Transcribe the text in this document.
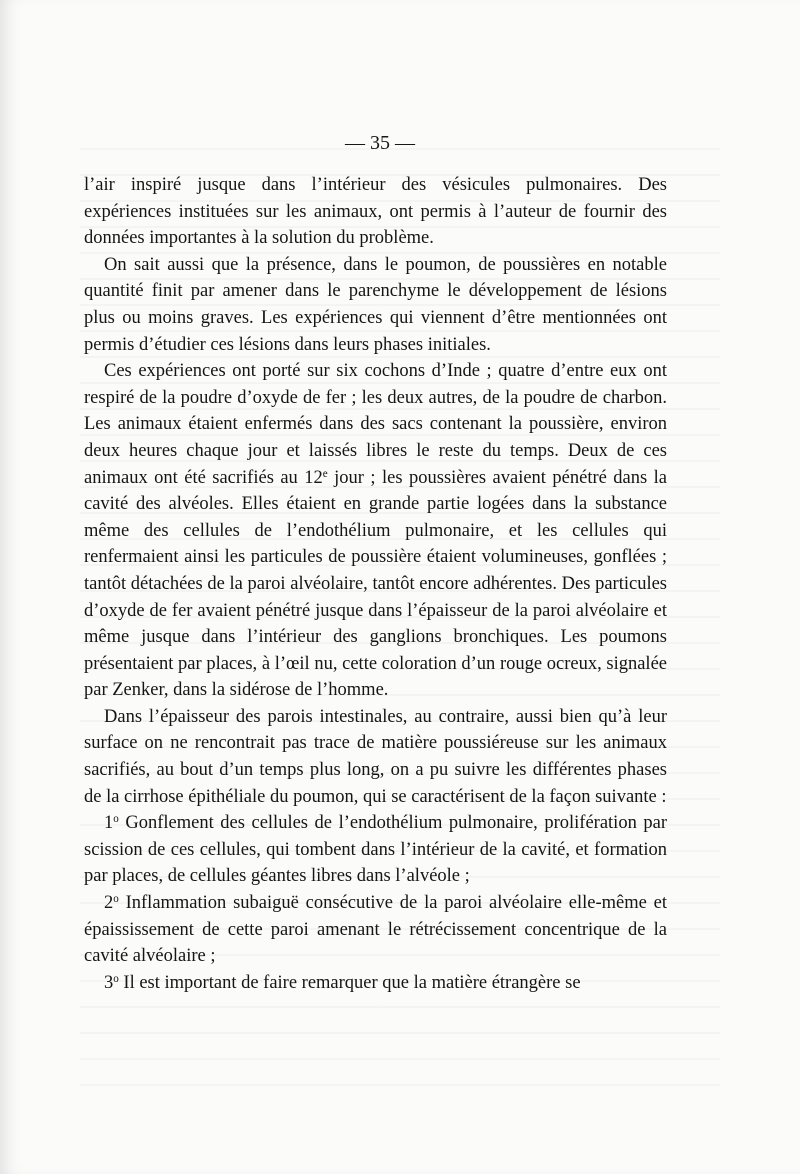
— 35 —

l’air inspiré jusque dans l’intérieur des vésicules pulmonaires. Des expériences instituées sur les animaux, ont permis à l’auteur de fournir des données importantes à la solution du problème.

On sait aussi que la présence, dans le poumon, de poussières en notable quantité finit par amener dans le parenchyme le développement de lésions plus ou moins graves. Les expériences qui viennent d’être mentionnées ont permis d’étudier ces lésions dans leurs phases initiales.

Ces expériences ont porté sur six cochons d’Inde ; quatre d’entre eux ont respiré de la poudre d’oxyde de fer ; les deux autres, de la poudre de charbon. Les animaux étaient enfermés dans des sacs contenant la poussière, environ deux heures chaque jour et laissés libres le reste du temps. Deux de ces animaux ont été sacrifiés au 12e jour ; les poussières avaient pénétré dans la cavité des alvéoles. Elles étaient en grande partie logées dans la substance même des cellules de l’endothélium pulmonaire, et les cellules qui renfermaient ainsi les particules de poussière étaient volumineuses, gonflées ; tantôt détachées de la paroi alvéolaire, tantôt encore adhérentes. Des particules d’oxyde de fer avaient pénétré jusque dans l’épaisseur de la paroi alvéolaire et même jusque dans l’intérieur des ganglions bronchiques. Les poumons présentaient par places, à l’œil nu, cette coloration d’un rouge ocreux, signalée par Zenker, dans la sidérose de l’homme.

Dans l’épaisseur des parois intestinales, au contraire, aussi bien qu’à leur surface on ne rencontrait pas trace de matière poussiéreuse sur les animaux sacrifiés, au bout d’un temps plus long, on a pu suivre les différentes phases de la cirrhose épithéliale du poumon, qui se caractérisent de la façon suivante :

1$^o$ Gonflement des cellules de l’endothélium pulmonaire, prolifération par scission de ces cellules, qui tombent dans l’intérieur de la cavité, et formation par places, de cellules géantes libres dans l’alvéole ;

2$^o$ Inflammation subaiguë consécutive de la paroi alvéolaire elle-même et épaississement de cette paroi amenant le rétrécissement concentrique de la cavité alvéolaire ;

3$^o$ Il est important de faire remarquer que la matière étrangère se
